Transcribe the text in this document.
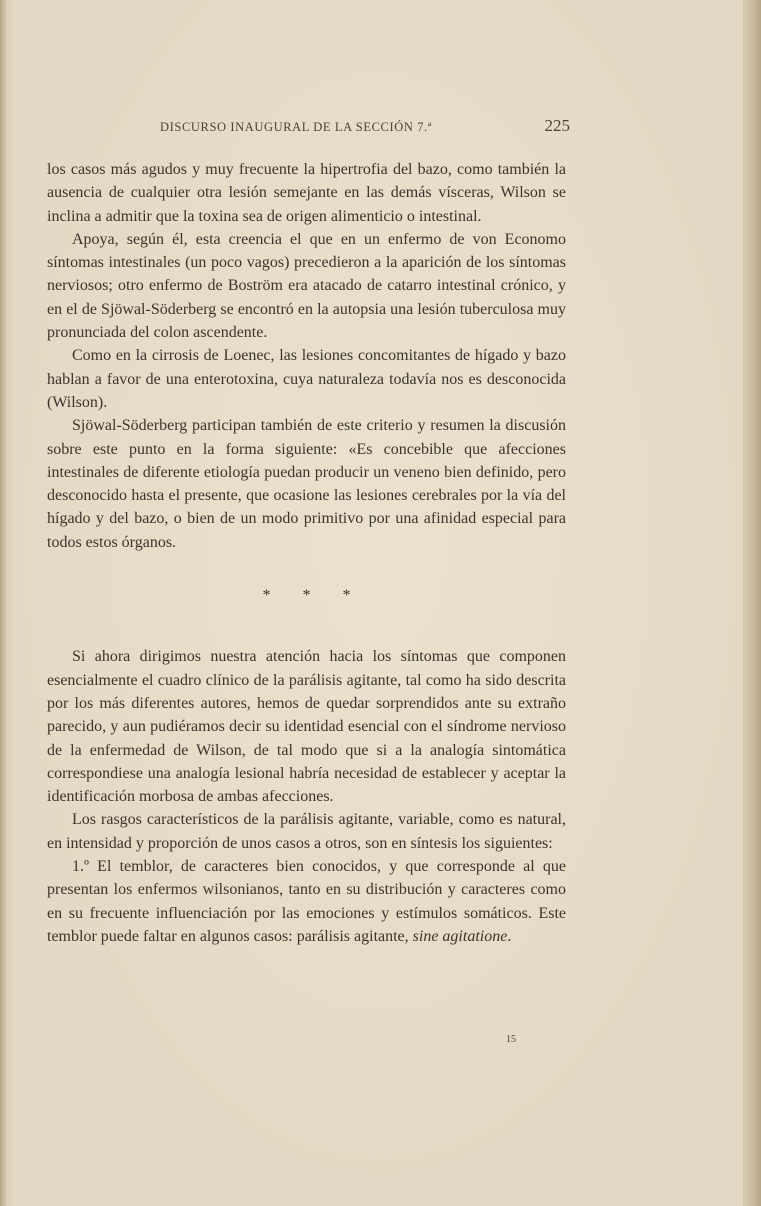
DISCURSO INAUGURAL DE LA SECCIÓN 7.ª	225

los casos más agudos y muy frecuente la hipertrofia del bazo, como también la ausencia de cualquier otra lesión semejante en las demás vísceras, Wilson se inclina a admitir que la toxina sea de origen alimenticio o intestinal.

Apoya, según él, esta creencia el que en un enfermo de von Economo síntomas intestinales (un poco vagos) precedieron a la aparición de los síntomas nerviosos; otro enfermo de Boström era atacado de catarro intestinal crónico, y en el de Sjöwal-Söderberg se encontró en la autopsia una lesión tuberculosa muy pronunciada del colon ascendente.

Como en la cirrosis de Loenec, las lesiones concomitantes de hígado y bazo hablan a favor de una enterotoxina, cuya naturaleza todavía nos es desconocida (Wilson).

Sjöwal-Söderberg participan también de este criterio y resumen la discusión sobre este punto en la forma siguiente: «Es concebible que afecciones intestinales de diferente etiología puedan producir un veneno bien definido, pero desconocido hasta el presente, que ocasione las lesiones cerebrales por la vía del hígado y del bazo, o bien de un modo primitivo por una afinidad especial para todos estos órganos.

* * *

Si ahora dirigimos nuestra atención hacia los síntomas que componen esencialmente el cuadro clínico de la parálisis agitante, tal como ha sido descrita por los más diferentes autores, hemos de quedar sorprendidos ante su extraño parecido, y aun pudiéramos decir su identidad esencial con el síndrome nervioso de la enfermedad de Wilson, de tal modo que si a la analogía sintomática correspondiese una analogía lesional habría necesidad de establecer y aceptar la identificación morbosa de ambas afecciones.

Los rasgos característicos de la parálisis agitante, variable, como es natural, en intensidad y proporción de unos casos a otros, son en síntesis los siguientes:

1.º El temblor, de caracteres bien conocidos, y que corresponde al que presentan los enfermos wilsonianos, tanto en su distribución y caracteres como en su frecuente influenciación por las emociones y estímulos somáticos. Este temblor puede faltar en algunos casos: parálisis agitante, sine agitatione.

15
